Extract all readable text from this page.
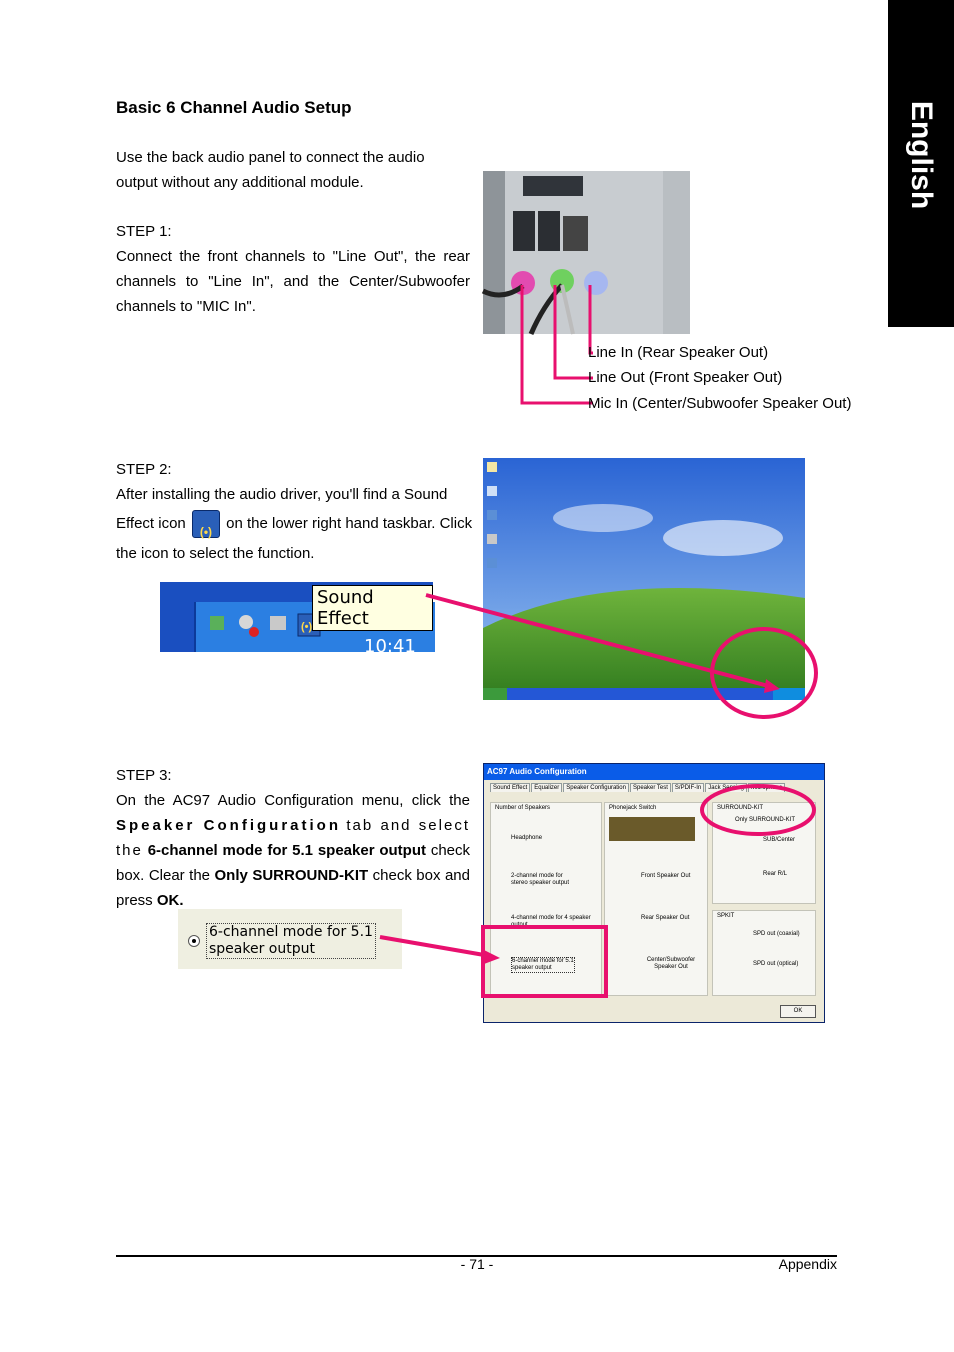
English
Basic 6 Channel Audio Setup
Use the back audio panel to connect the audio output without any additional module.
STEP 1:
Connect the front channels to "Line Out", the rear channels to "Line In", and the Center/Subwoofer channels to "MIC In".
Line In (Rear Speaker Out)
Line Out (Front Speaker Out)
Mic In (Center/Subwoofer Speaker Out)
STEP 2:
After installing the audio driver, you'll find a Sound
Effect icon (•)	on the lower right hand taskbar. Click
the icon to select the function.
(•)
10:41 AM
Sound Effect
STEP 3:
On the AC97 Audio Configuration menu, click the Speaker Configuration tab and select the 6-channel mode for 5.1 speaker output check box. Clear the Only SURROUND-KIT check box and press OK.
6-channel mode for 5.1
speaker output
AC97 Audio Configuration
Sound Effect Equalizer Speaker Configuration Speaker Test S/PDIF-In Jack Sensing Microphone
Number of Speakers
Headphone
2-channel mode for stereo speaker output
4-channel mode for 4 speaker output
6-channel mode for 5.1 speaker output
Phonejack Switch
Front Speaker Out
Rear Speaker Out
Center/Subwoofer Speaker Out
SURROUND-KIT
Only SURROUND-KIT
SUB/Center
Rear R/L
SPKIT
SPD out (coaxial)
SPD out (optical)
OK
- 71 -	Appendix
